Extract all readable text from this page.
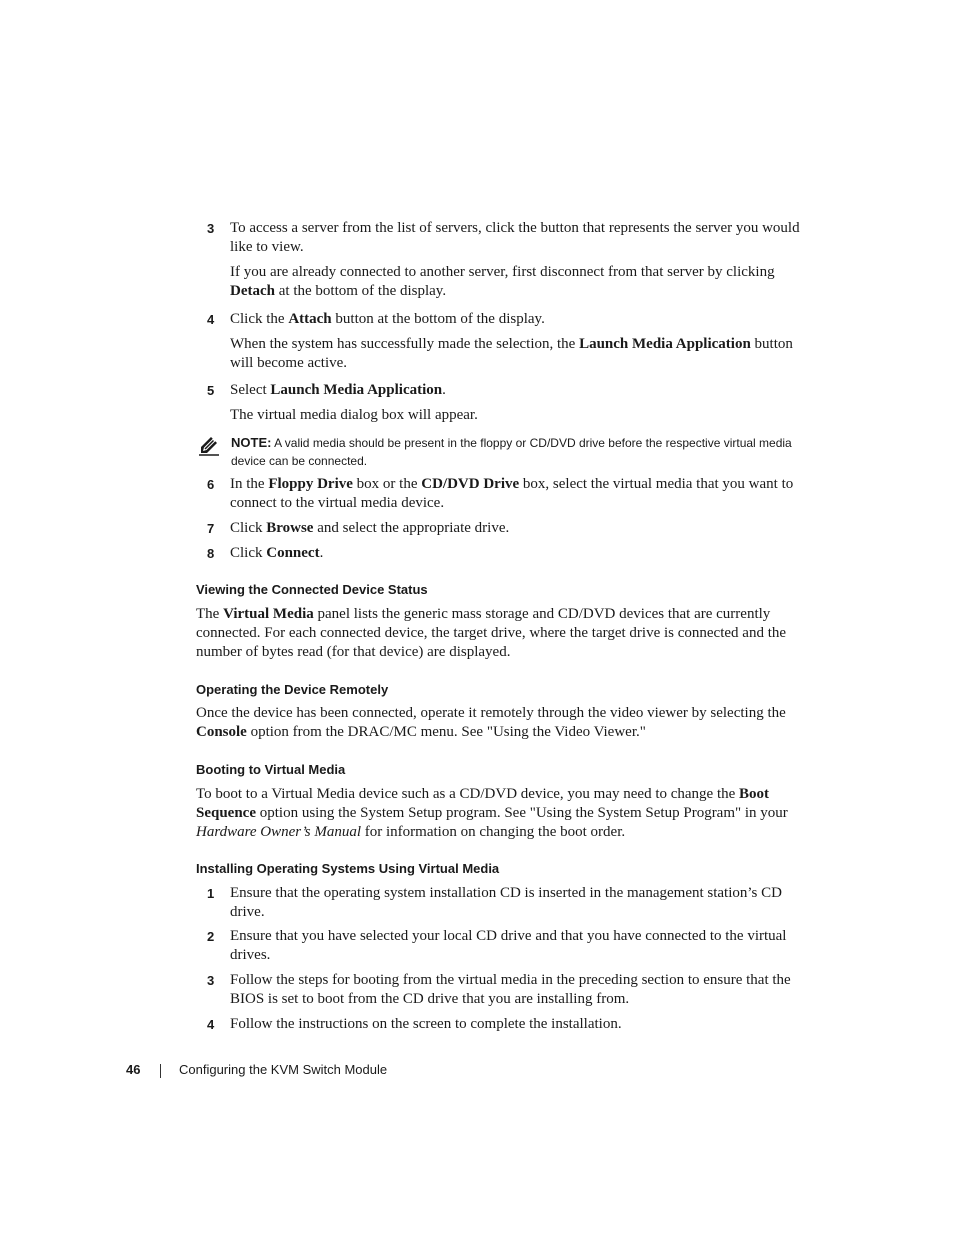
3 To access a server from the list of servers, click the button that represents the server you would like to view.
If you are already connected to another server, first disconnect from that server by clicking Detach at the bottom of the display.
4 Click the Attach button at the bottom of the display.
When the system has successfully made the selection, the Launch Media Application button will become active.
5 Select Launch Media Application.
The virtual media dialog box will appear.
NOTE: A valid media should be present in the floppy or CD/DVD drive before the respective virtual media device can be connected.
6 In the Floppy Drive box or the CD/DVD Drive box, select the virtual media that you want to connect to the virtual media device.
7 Click Browse and select the appropriate drive.
8 Click Connect.
Viewing the Connected Device Status
The Virtual Media panel lists the generic mass storage and CD/DVD devices that are currently connected. For each connected device, the target drive, where the target drive is connected and the number of bytes read (for that device) are displayed.
Operating the Device Remotely
Once the device has been connected, operate it remotely through the video viewer by selecting the Console option from the DRAC/MC menu. See "Using the Video Viewer."
Booting to Virtual Media
To boot to a Virtual Media device such as a CD/DVD device, you may need to change the Boot Sequence option using the System Setup program. See "Using the System Setup Program" in your Hardware Owner’s Manual for information on changing the boot order.
Installing Operating Systems Using Virtual Media
1 Ensure that the operating system installation CD is inserted in the management station’s CD drive.
2 Ensure that you have selected your local CD drive and that you have connected to the virtual drives.
3 Follow the steps for booting from the virtual media in the preceding section to ensure that the BIOS is set to boot from the CD drive that you are installing from.
4 Follow the instructions on the screen to complete the installation.
46	Configuring the KVM Switch Module
